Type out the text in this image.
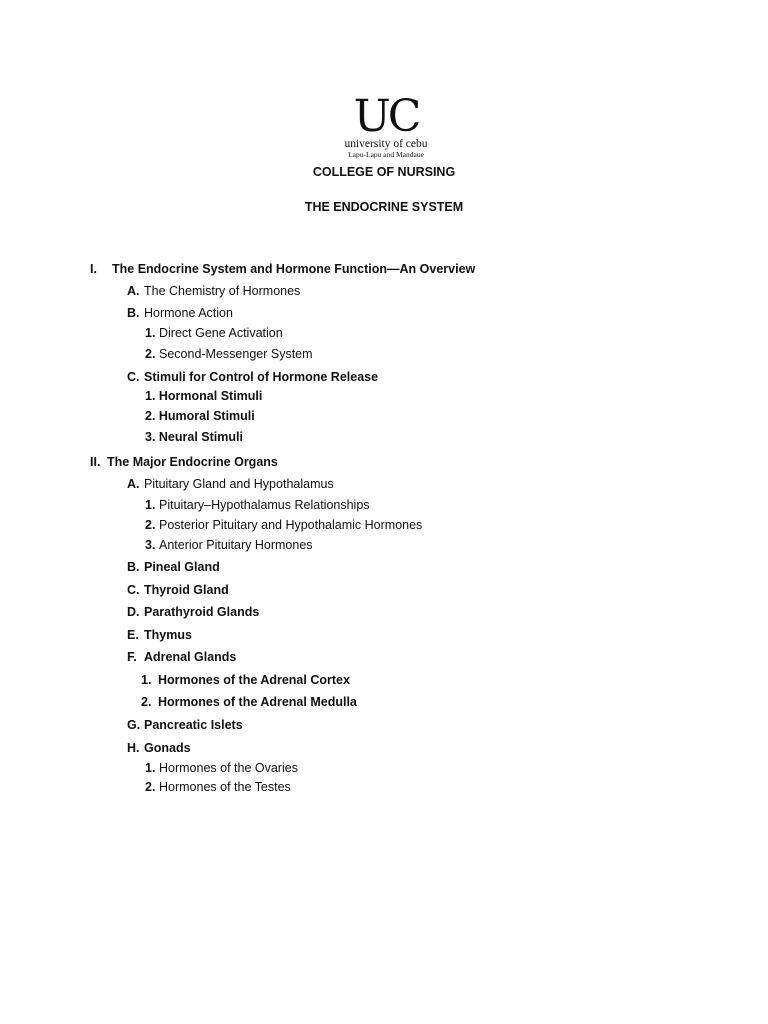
UC
university of cebu
Lapu-Lapu and Mandaue
COLLEGE OF NURSING
THE ENDOCRINE SYSTEM
I. The Endocrine System and Hormone Function—An Overview
A. The Chemistry of Hormones
B. Hormone Action
1. Direct Gene Activation
2. Second-Messenger System
C. Stimuli for Control of Hormone Release
1. Hormonal Stimuli
2. Humoral Stimuli
3. Neural Stimuli
II. The Major Endocrine Organs
A. Pituitary Gland and Hypothalamus
1. Pituitary–Hypothalamus Relationships
2. Posterior Pituitary and Hypothalamic Hormones
3. Anterior Pituitary Hormones
B. Pineal Gland
C. Thyroid Gland
D. Parathyroid Glands
E. Thymus
F. Adrenal Glands
1. Hormones of the Adrenal Cortex
2. Hormones of the Adrenal Medulla
G. Pancreatic Islets
H. Gonads
1. Hormones of the Ovaries
2. Hormones of the Testes
